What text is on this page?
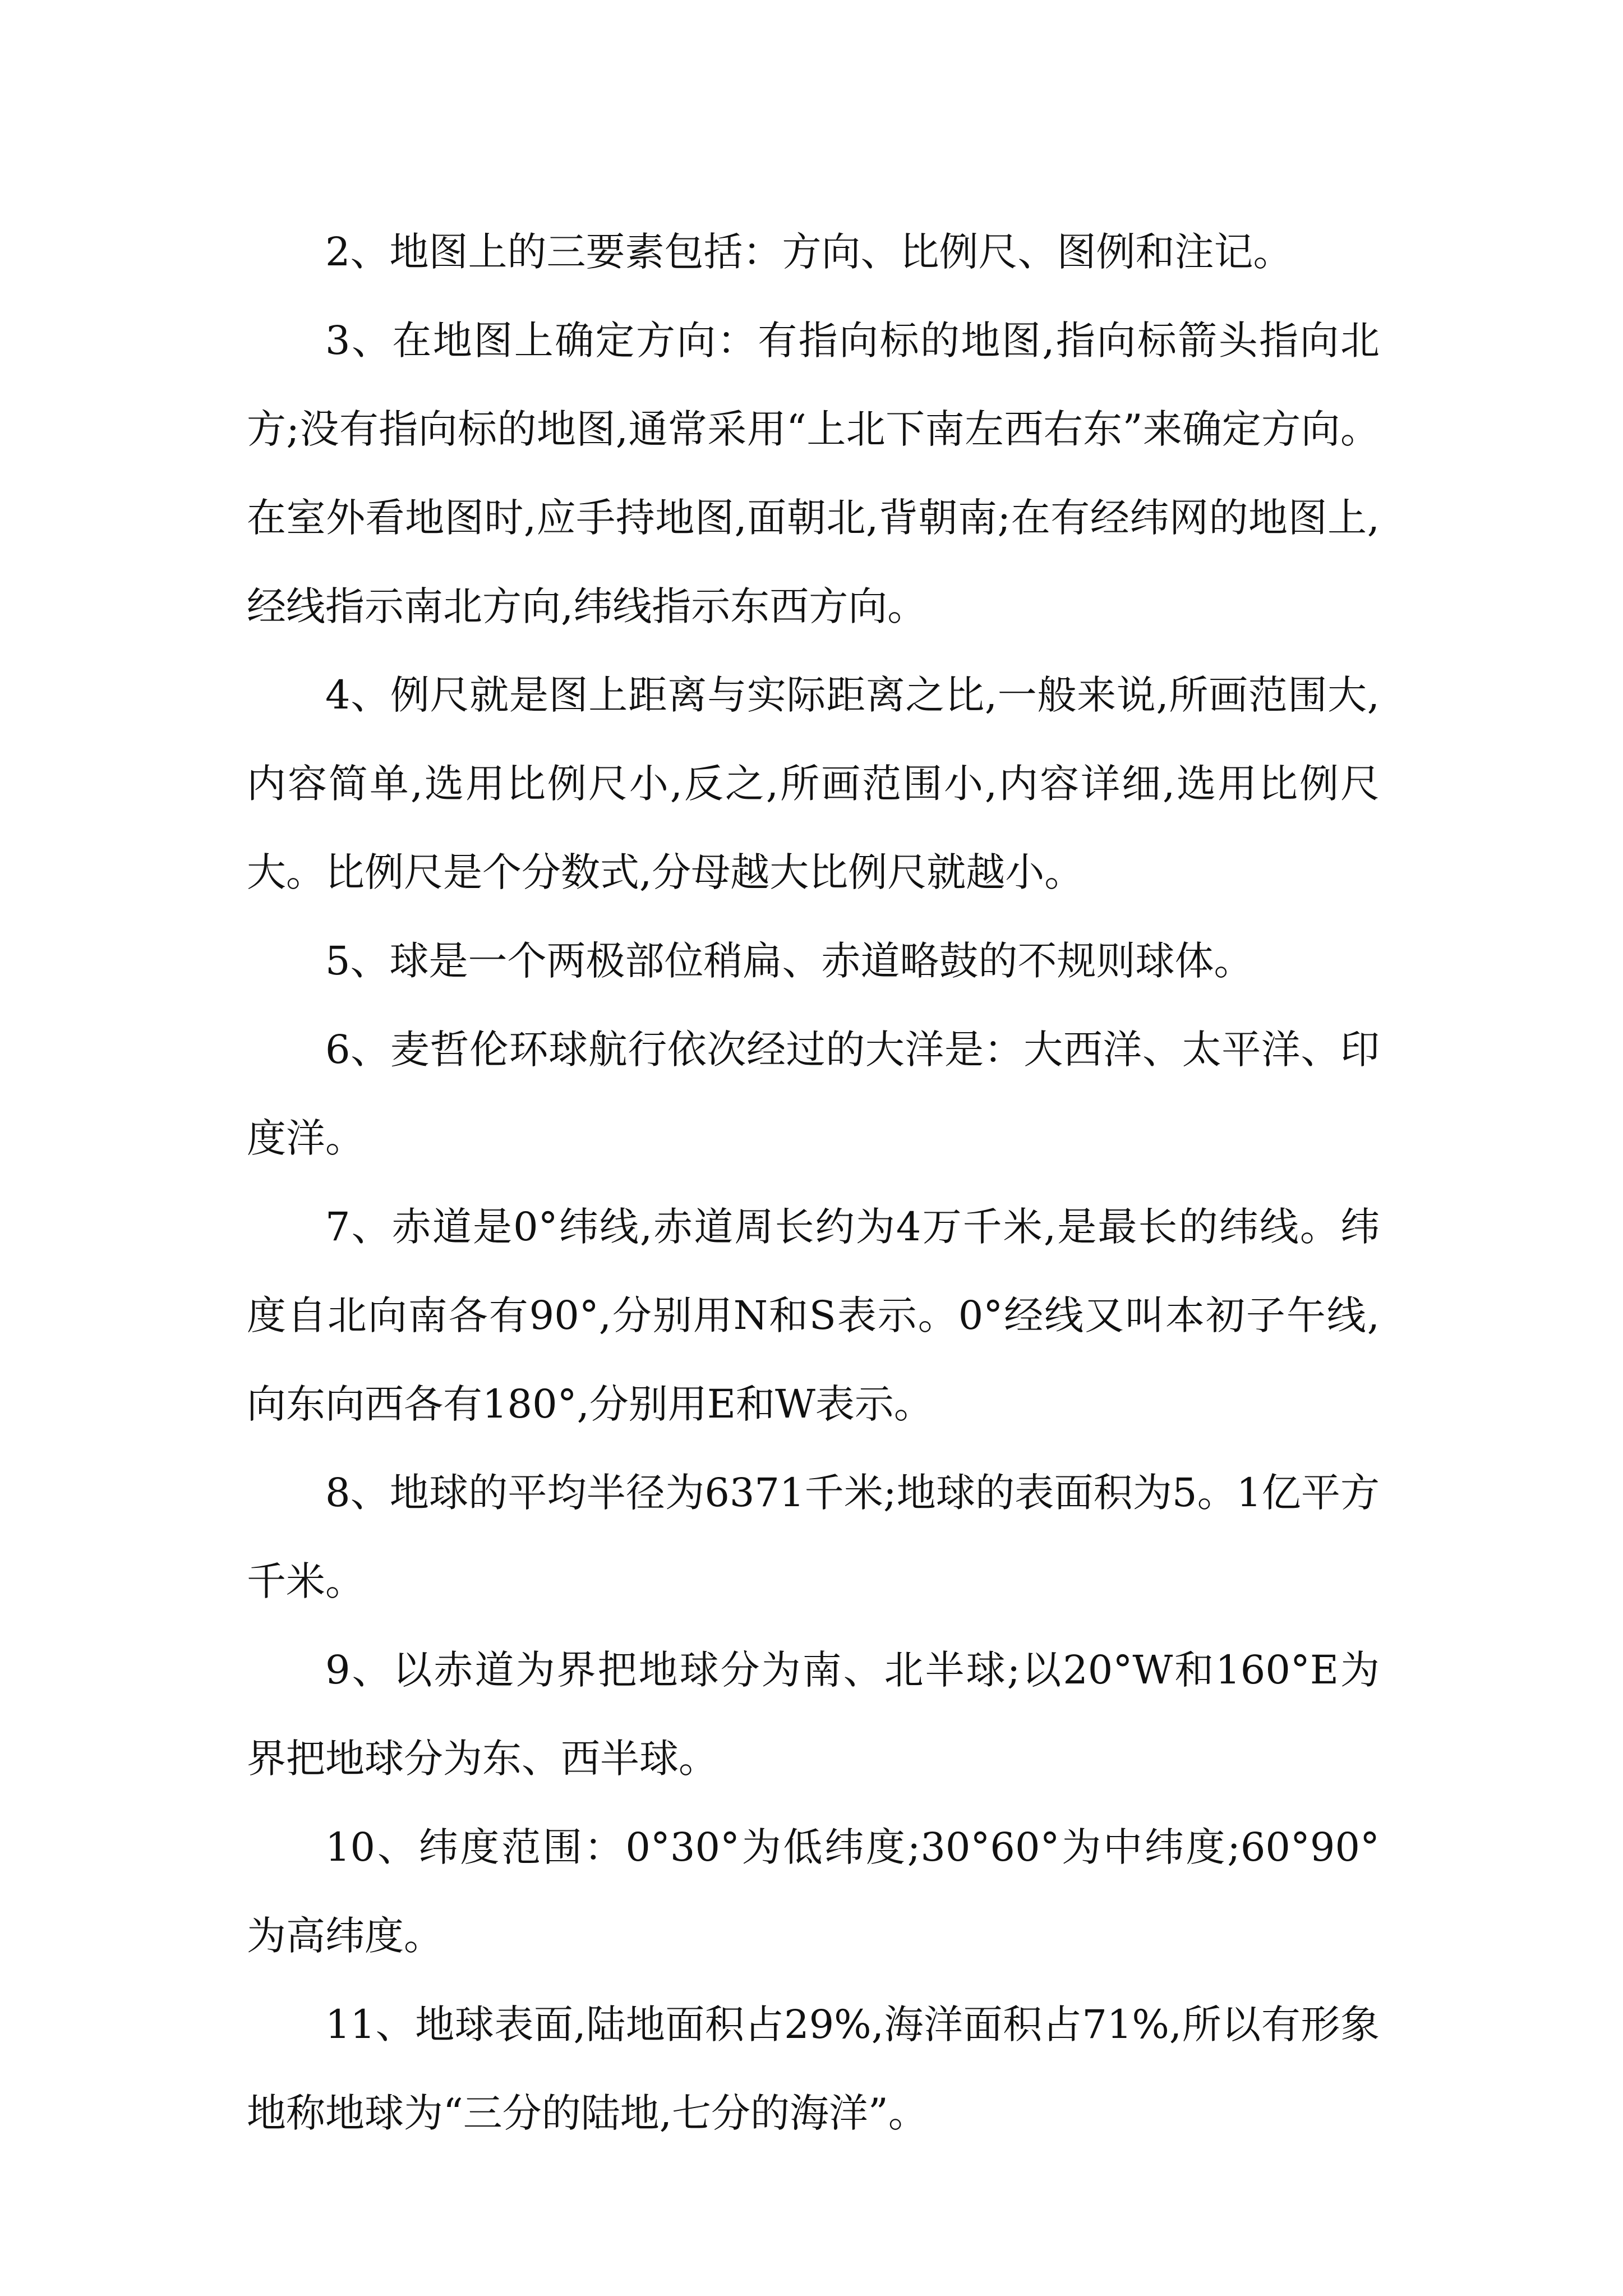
2、地图上的三要素包括：方向、比例尺、图例和注记。

3、在地图上确定方向：有指向标的地图,指向标箭头指向北方;没有指向标的地图,通常采用“上北下南左西右东”来确定方向。在室外看地图时,应手持地图,面朝北,背朝南;在有经纬网的地图上,经线指示南北方向,纬线指示东西方向。

4、例尺就是图上距离与实际距离之比,一般来说,所画范围大,内容简单,选用比例尺小,反之,所画范围小,内容详细,选用比例尺大。比例尺是个分数式,分母越大比例尺就越小。

5、球是一个两极部位稍扁、赤道略鼓的不规则球体。

6、麦哲伦环球航行依次经过的大洋是：大西洋、太平洋、印度洋。

7、赤道是0°纬线,赤道周长约为4万千米,是最长的纬线。纬度自北向南各有90°,分别用N和S表示。0°经线又叫本初子午线,向东向西各有180°,分别用E和W表示。

8、地球的平均半径为6371千米;地球的表面积为5。1亿平方千米。

9、以赤道为界把地球分为南、北半球;以20°W和160°E为界把地球分为东、西半球。

10、纬度范围：0°30°为低纬度;30°60°为中纬度;60°90°为高纬度。

11、地球表面,陆地面积占29%,海洋面积占71%,所以有形象地称地球为“三分的陆地,七分的海洋”。
